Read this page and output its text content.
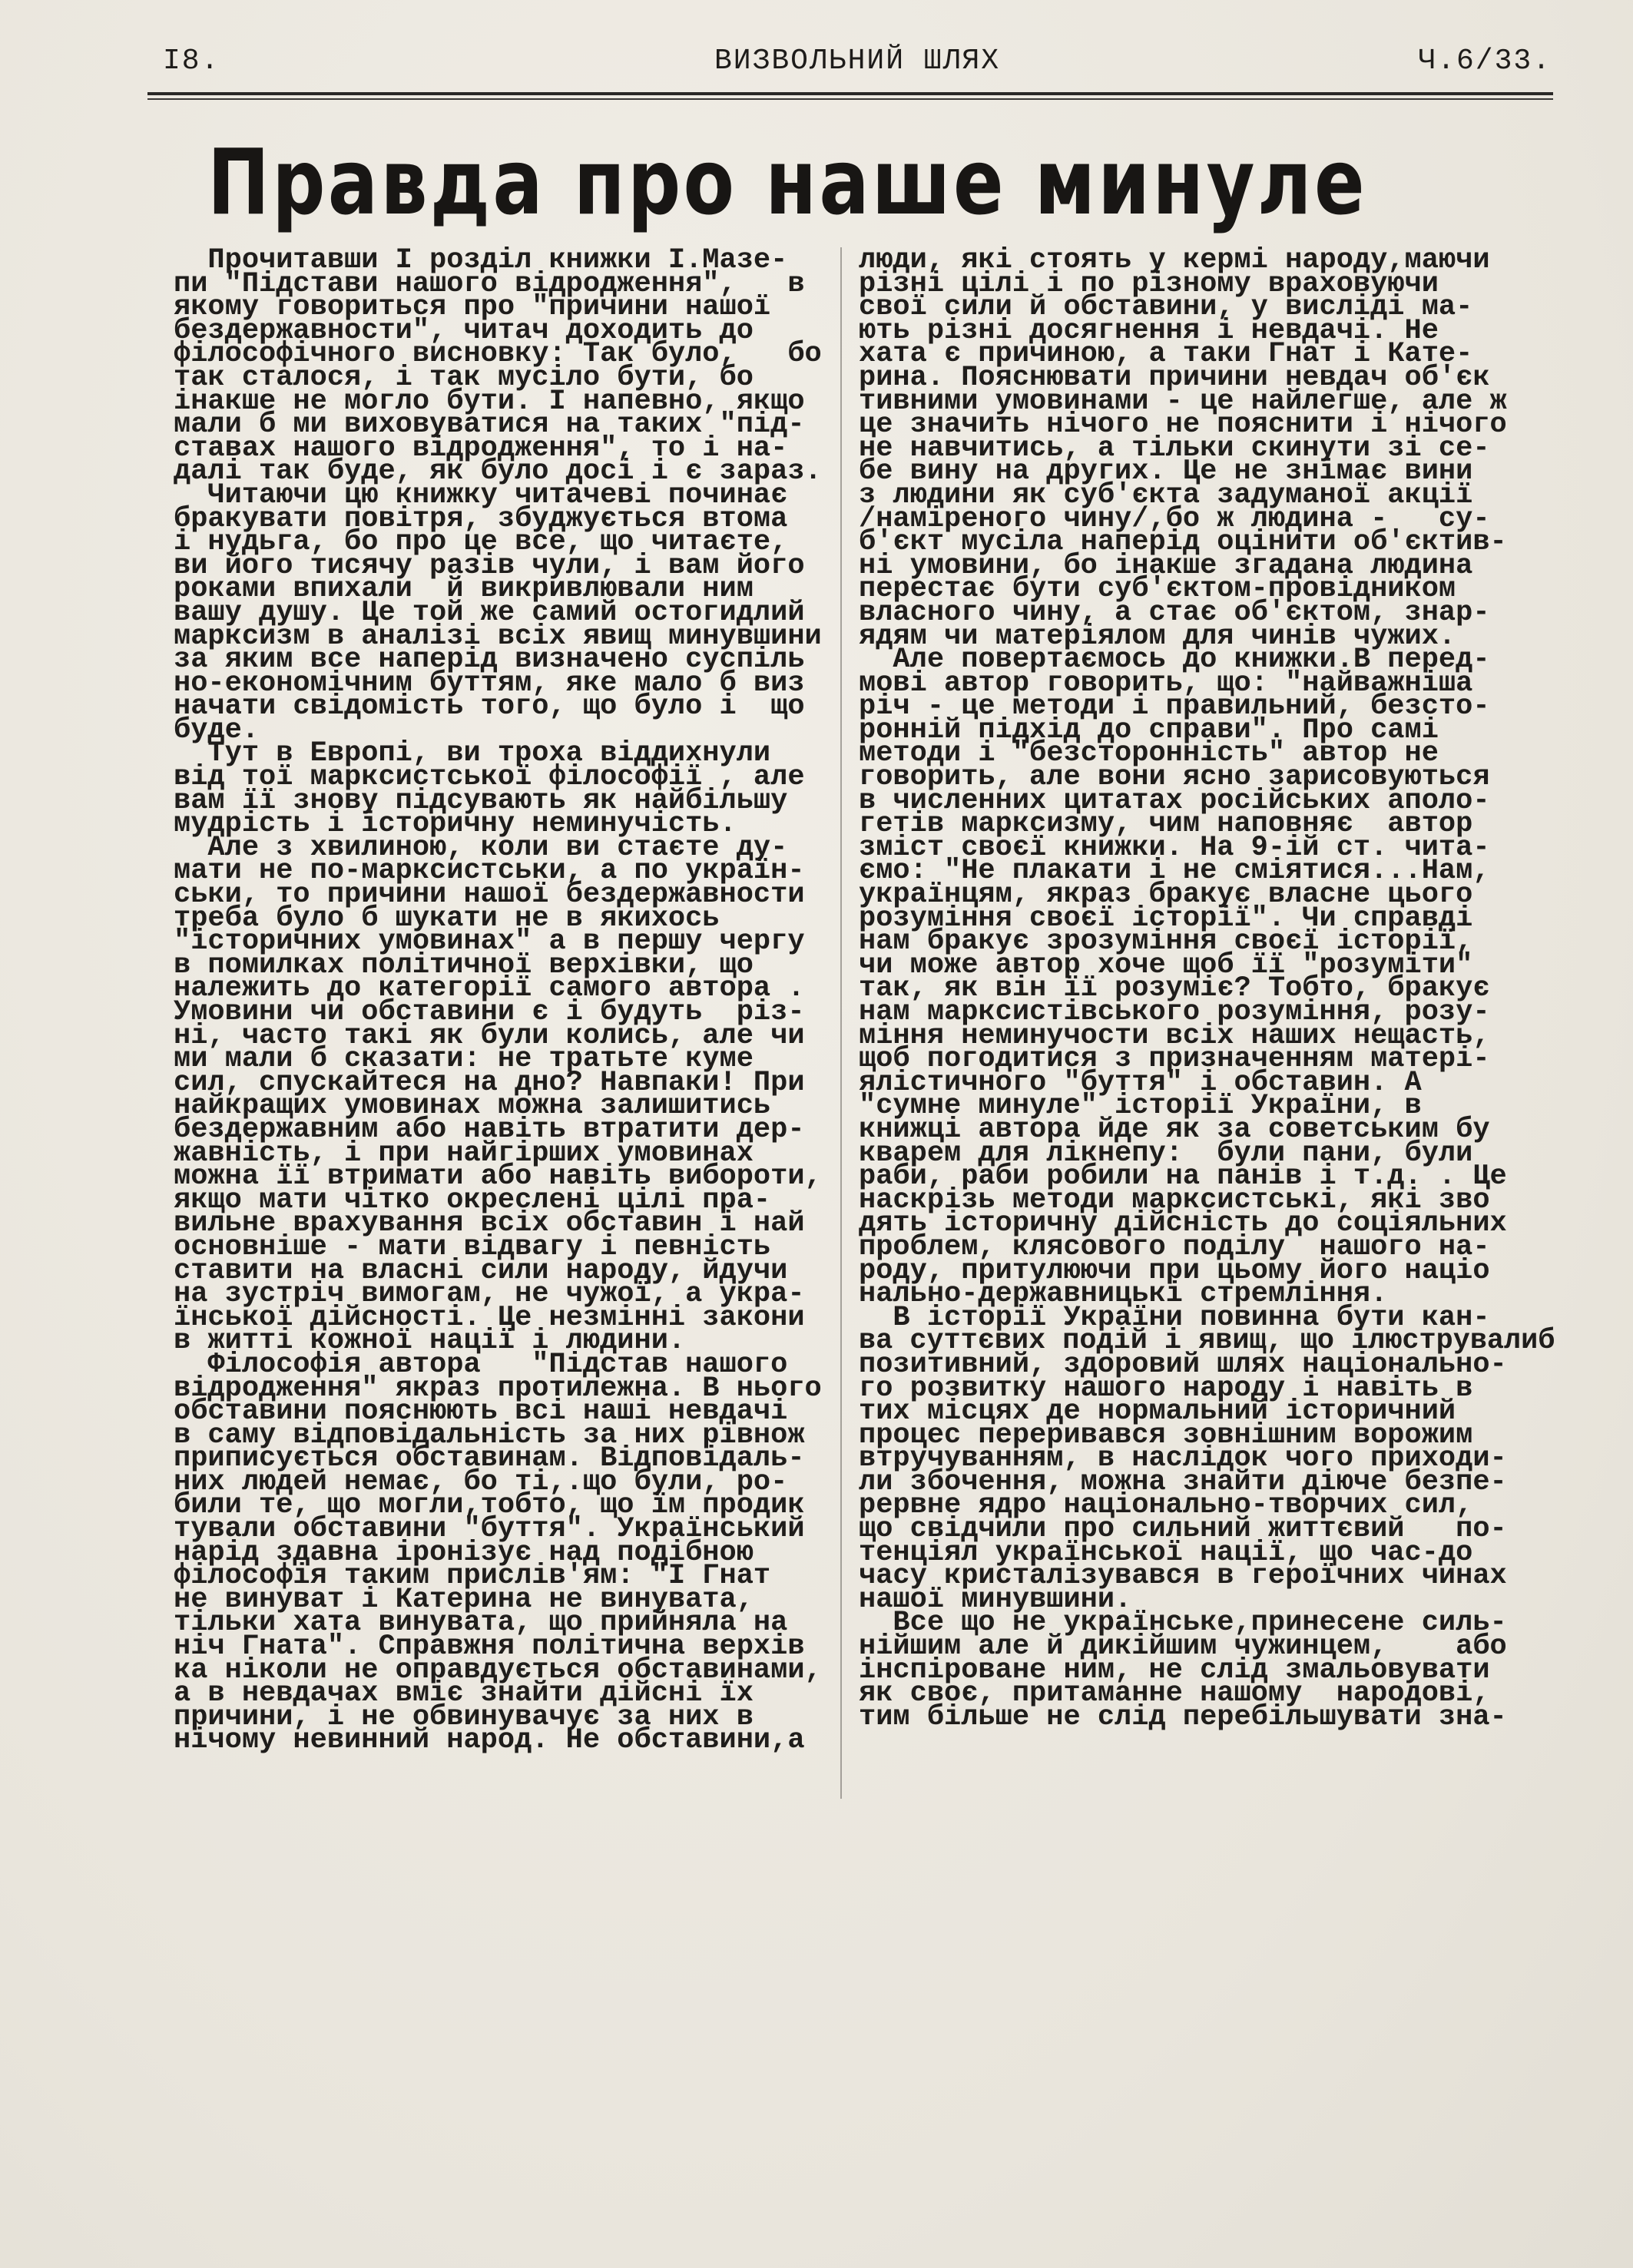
I8.	ВИЗВОЛЬНИЙ ШЛЯХ	Ч.6/33.
Правда про наше минуле
Прочитавши І розділ книжки І.Мазе-
пи "Підстави нашого відродження",   в
якому говориться про "причини нашої
бездержавности", читач доходить до
філософічного висновку: Так було,   бо
так сталося, і так мусіло бути, бо
інакше не могло бути. І напевно, якщо
мали б ми виховуватися на таких "під-
ставах нашого відродження", то і на-
далі так буде, як було досі і є зараз.
Читаючи цю книжку читачеві починає
бракувати повітря, збуджується втома
і нудьга, бо про це все, що читаєте,
ви його тисячу разів чули, і вам його
роками впихали  й викривлювали ним
вашу душу. Це той же самий остогидлий
марксизм в аналізі всіх явищ минувшини
за яким все наперід визначено суспіль
но-економічним буттям, яке мало б виз
начати свідомість того, що було і  що
буде.
Тут в Европі, ви троха віддихнули
від тої марксистської філософії , але
вам її знову підсувають як найбільшу
мудрість і історичну неминучість.
Але з хвилиною, коли ви стаєте ду-
мати не по-марксистськи, а по україн-
ськи, то причини нашої бездержавности
треба було б шукати не в якихось
"історичних умовинах" а в першу чергу
в помилках політичної верхівки, що
належить до категорії самого автора .
Умовини чи обставини є і будуть  різ-
ні, часто такі як були колись, але чи
ми мали б сказати: не тратьте куме
сил, спускайтеся на дно? Навпаки! При
найкращих умовинах можна залишитись
бездержавним або навіть втратити дер-
жавність, і при найгірших умовинах
можна її втримати або навіть вибороти,
якщо мати чітко окреслені цілі пра-
вильне врахування всіх обставин і най
основніше - мати відвагу і певність
ставити на власні сили народу, йдучи
на зустріч вимогам, не чужої, а укра-
їнської дійсності. Це незмінні закони
в житті кожної нації і людини.
Філософія автора   "Підстав нашого
відродження" якраз протилежна. В нього
обставини пояснюють всі наші невдачі
в саму відповідальність за них рівнож
приписується обставинам. Відповідаль-
них людей немає, бо ті,.що були, ро-
били те, що могли,тобто, що їм продик
тували обставини "буття". Український
нарід здавна іронізує над подібною
філософія таким прислів'ям: "І Гнат
не винуват і Катерина не винувата,
тільки хата винувата, що прийняла на
ніч Гната". Справжня політична верхів
ка ніколи не оправдується обставинами,
а в невдачах вміє знайти дійсні їх
причини, і не обвинувачує за них в
нічому невинний народ. Не обставини,а
люди, які стоять у кермі народу,маючи
різні цілі і по різному враховуючи
свої сили й обставини, у висліді ма-
ють різні досягнення і невдачі. Не
хата є причиною, а таки Гнат і Кате-
рина. Пояснювати причини невдач об'єк
тивними умовинами - це найлегше, але ж
це значить нічого не пояснити і нічого
не навчитись, а тільки скинути зі се-
бе вину на других. Це не знімає вини
з людини як суб'єкта задуманої акції
/наміреного чину/,бо ж людина -   су-
б'єкт мусіла наперід оцінити об'єктив-
ні умовини, бо інакше згадана людина
перестає бути суб'єктом-провідником
власного чину, а стає об'єктом, знар-
ядям чи матеріялом для чинів чужих.
Але повертаємось до книжки.В перед-
мові автор говорить, що: "найважніша
річ - це методи і правильний, безсто-
ронній підхід до справи". Про самі
методи і "безсторонність" автор не
говорить, але вони ясно зарисовуються
в численних цитатах російських аполо-
гетів марксизму, чим наповняє  автор
зміст своєї книжки. На 9-ій ст. чита-
ємо: "Не плакати і не сміятися...Нам,
українцям, якраз бракує власне цього
розуміння своєї історії". Чи справді
нам бракує зрозуміння своєї історії,
чи може автор хоче щоб її "розуміти"
так, як він її розуміє? Тобто, бракує
нам марксистівського розуміння, розу-
міння неминучости всіх наших нещасть,
щоб погодитися з призначенням матері-
ялістичного "буття" і обставин. А
"сумне минуле" історії України, в
книжці автора йде як за советським бу
кварем для лікнепу:  були пани, були
раби, раби робили на панів і т.д. . Це
наскрізь методи марксистські, які зво
дять історичну дійсність до соціяльних
проблем, клясового поділу  нашого на-
роду, притулюючи при цьому його націо
нально-державницькі стремління.
В історії України повинна бути кан-
ва суттєвих подій і явищ, що ілюструвалиб
позитивний, здоровий шлях національно-
го розвитку нашого народу і навіть в
тих місцях де нормальний історичний
процес переривався зовнішним ворожим
втручуванням, в наслідок чого приходи-
ли збочення, можна знайти діюче безпе-
рервне ядро національно-творчих сил,
що свідчили про сильний життєвий   по-
тенціял української нації, що час-до
часу кристалізувався в героїчних чинах
нашої минувшини.
Все що не українське,принесене силь-
нійшим але й дикійшим чужинцем,    або
інспіроване ним, не слід змальовувати
як своє, притаманне нашому  народові,
тим більше не слід перебільшувати зна-
